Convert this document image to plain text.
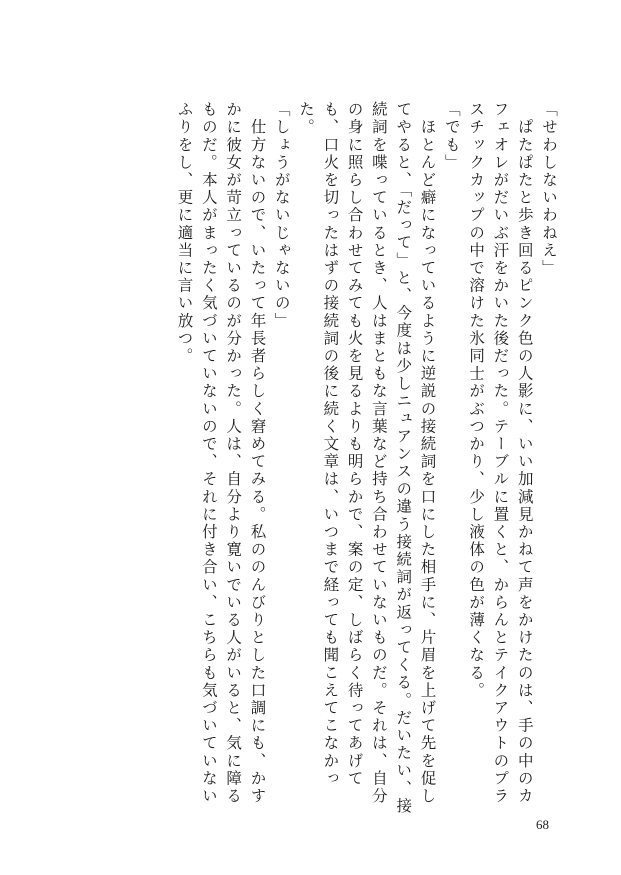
「せわしないわねえ」

　ぱたぱたと歩き回るピンク色の人影に、いい加減見かねて声をかけたのは、手の中のカフェオレがだいぶ汗をかいた後だった。テーブルに置くと、からんとテイクアウトのプラスチックカップの中で溶けた氷同士がぶつかり、少し液体の色が薄くなる。

「でも」

　ほとんど癖になっているように逆説の接続詞を口にした相手に、片眉を上げて先を促してやると、「だって」と、今度は少しニュアンスの違う接続詞が返ってくる。だいたい、接続詞を喋っているとき、人はまともな言葉など持ち合わせていないものだ。それは、自分の身に照らし合わせてみても火を見るよりも明らかで、案の定、しばらく待ってあげても、口火を切ったはずの接続詞の後に続く文章は、いつまで経っても聞こえてこなかった。

「しょうがないじゃないの」

　仕方ないので、いたって年長者らしく窘めてみる。私ののんびりとした口調にも、かすかに彼女が苛立っているのが分かった。人は、自分より寛いでいる人がいると、気に障るものだ。本人がまったく気づいていないので、それに付き合い、こちらも気づいていないふりをし、更に適当に言い放つ。

68
